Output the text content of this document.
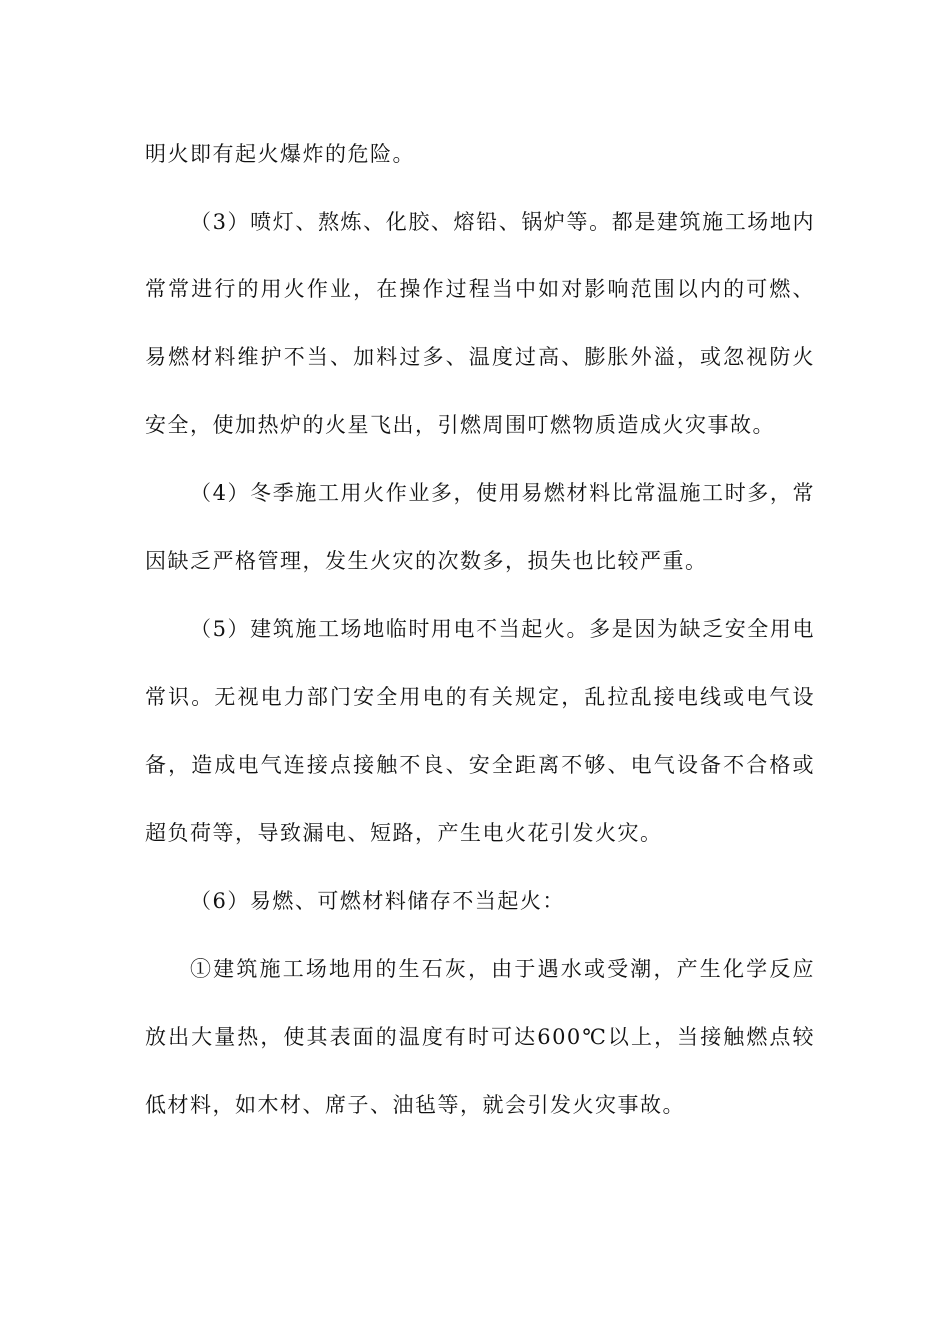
明火即有起火爆炸的危险。
（3）喷灯、熬炼、化胶、熔铅、锅炉等。都是建筑施工场地内
常常进行的用火作业，在操作过程当中如对影响范围以内的可燃、
易燃材料维护不当、加料过多、温度过高、膨胀外溢，或忽视防火
安全，使加热炉的火星飞出，引燃周围叮燃物质造成火灾事故。
（4）冬季施工用火作业多，使用易燃材料比常温施工时多，常
因缺乏严格管理，发生火灾的次数多，损失也比较严重。
（5）建筑施工场地临时用电不当起火。多是因为缺乏安全用电
常识。无视电力部门安全用电的有关规定，乱拉乱接电线或电气设
备，造成电气连接点接触不良、安全距离不够、电气设备不合格或
超负荷等，导致漏电、短路，产生电火花引发火灾。
（6）易燃、可燃材料储存不当起火：
①建筑施工场地用的生石灰，由于遇水或受潮，产生化学反应
放出大量热，使其表面的温度有时可达600℃以上，当接触燃点较
低材料，如木材、席子、油毡等，就会引发火灾事故。
